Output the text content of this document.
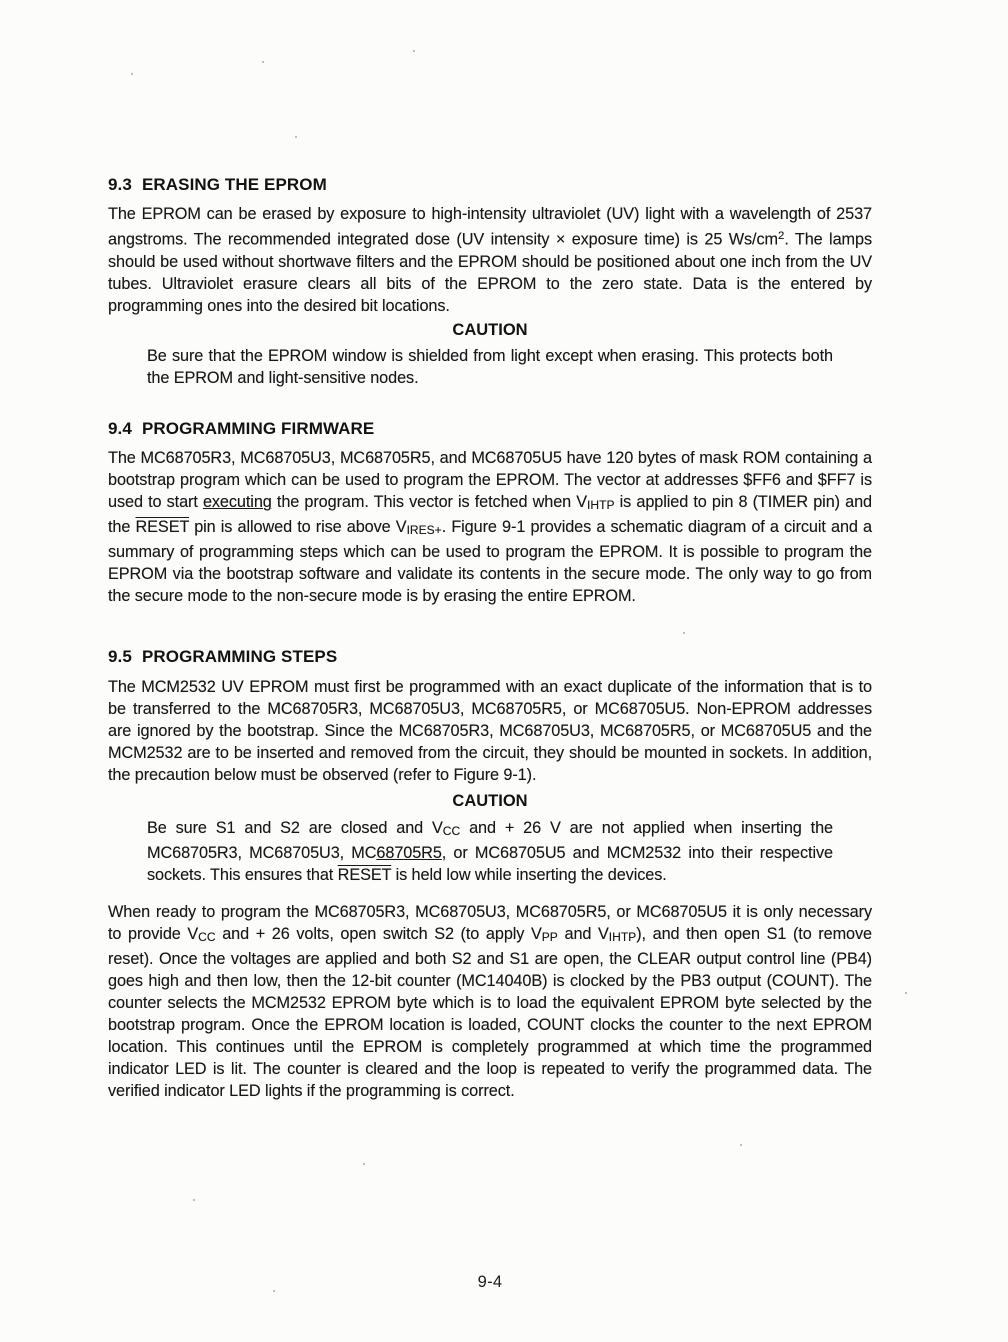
9.3 ERASING THE EPROM

The EPROM can be erased by exposure to high-intensity ultraviolet (UV) light with a wavelength of 2537 angstroms. The recommended integrated dose (UV intensity × exposure time) is 25 $Ws/cm^2$. The lamps should be used without shortwave filters and the EPROM should be positioned about one inch from the UV tubes. Ultraviolet erasure clears all bits of the EPROM to the zero state. Data is the entered by programming ones into the desired bit locations.

CAUTION

Be sure that the EPROM window is shielded from light except when erasing. This protects both the EPROM and light-sensitive nodes.

9.4 PROGRAMMING FIRMWARE

The MC68705R3, MC68705U3, MC68705R5, and MC68705U5 have 120 bytes of mask ROM containing a bootstrap program which can be used to program the EPROM. The vector at addresses $FF6 and $FF7 is used to start executing the program. This vector is fetched when VIHTP is applied to pin 8 (TIMER pin) and the RESET pin is allowed to rise above VIRES+. Figure 9-1 provides a schematic diagram of a circuit and a summary of programming steps which can be used to program the EPROM. It is possible to program the EPROM via the bootstrap software and validate its contents in the secure mode. The only way to go from the secure mode to the non-secure mode is by erasing the entire EPROM.

9.5 PROGRAMMING STEPS

The MCM2532 UV EPROM must first be programmed with an exact duplicate of the information that is to be transferred to the MC68705R3, MC68705U3, MC68705R5, or MC68705U5. Non-EPROM addresses are ignored by the bootstrap. Since the MC68705R3, MC68705U3, MC68705R5, or MC68705U5 and the MCM2532 are to be inserted and removed from the circuit, they should be mounted in sockets. In addition, the precaution below must be observed (refer to Figure 9-1).

CAUTION

Be sure S1 and S2 are closed and VCC and + 26 V are not applied when inserting the MC68705R3, MC68705U3, MC68705R5, or MC68705U5 and MCM2532 into their respective sockets. This ensures that RESET is held low while inserting the devices.

When ready to program the MC68705R3, MC68705U3, MC68705R5, or MC68705U5 it is only necessary to provide VCC and + 26 volts, open switch S2 (to apply VPP and VIHTP), and then open S1 (to remove reset). Once the voltages are applied and both S2 and S1 are open, the CLEAR output control line (PB4) goes high and then low, then the 12-bit counter (MC14040B) is clocked by the PB3 output (COUNT). The counter selects the MCM2532 EPROM byte which is to load the equivalent EPROM byte selected by the bootstrap program. Once the EPROM location is loaded, COUNT clocks the counter to the next EPROM location. This continues until the EPROM is completely programmed at which time the programmed indicator LED is lit. The counter is cleared and the loop is repeated to verify the programmed data. The verified indicator LED lights if the programming is correct.

9-4
